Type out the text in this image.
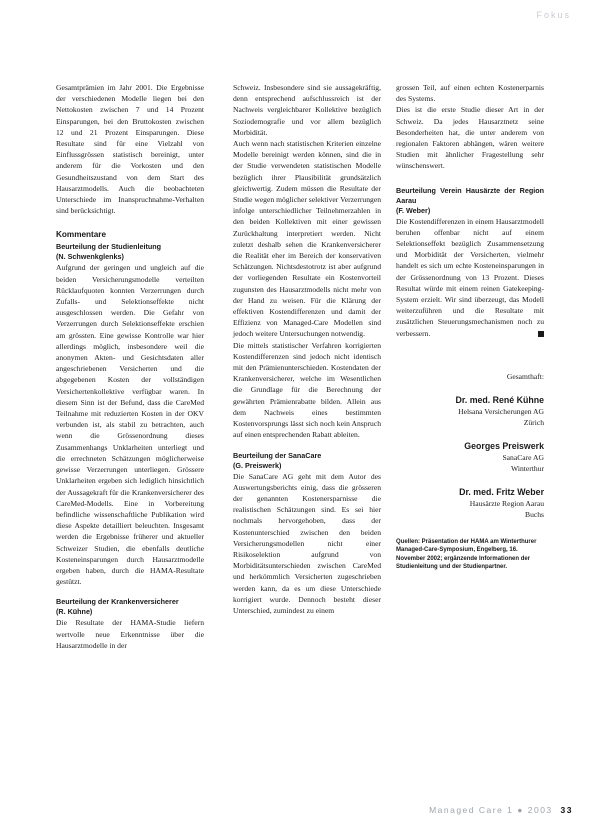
Fokus

Gesamtprämien im Jahr 2001. Die Ergebnisse der verschiedenen Modelle liegen bei den Nettokosten zwischen 7 und 14 Prozent Einsparungen, bei den Bruttokosten zwischen 12 und 21 Prozent Einsparungen. Diese Resultate sind für eine Vielzahl von Einflussgrössen statistisch bereinigt, unter anderem für die Vorkosten und den Gesundheitszustand von dem Start des Hausarztmodells. Auch die beobachteten Unterschiede im Inanspruchnahme-Verhalten sind berücksichtigt.

Kommentare
Beurteilung der Studienleitung
(N. Schwenkglenks)

Aufgrund der geringen und ungleich auf die beiden Versicherungsmodelle verteilten Rücklaufquoten konnten Verzerrungen durch Zufalls- und Selektionseffekte nicht ausgeschlossen werden. Die Gefahr von Verzerrungen durch Selektionseffekte erschien am grössten. Eine gewisse Kontrolle war hier allerdings möglich, insbesondere weil die anonymen Akten- und Gesichtsdaten aller angeschriebenen Versicherten und die abgegebenen Kosten der vollständigen Versichertenkollektive verfügbar waren. In diesem Sinn ist der Befund, dass die CareMed Teilnahme mit reduzierten Kosten in der OKV verbunden ist, als stabil zu betrachten, auch wenn die Grössenordnung dieses Zusammenhangs Unklarheiten unterliegt und die errechneten Schätzungen möglicherweise gewisse Verzerrungen unterliegen. Grössere Unklarheiten ergeben sich lediglich hinsichtlich der Aussagekraft für die Krankenversicherer des CareMed-Modells. Eine in Vorbereitung befindliche wissenschaftliche Publikation wird diese Aspekte detailliert beleuchten. Insgesamt werden die Ergebnisse früherer und aktueller Schweizer Studien, die ebenfalls deutliche Kosteneinsparungen durch Hausarztmodelle ergeben haben, durch die HAMA-Resultate gestützt.

Beurteilung der Krankenversicherer
(R. Kühne)

Die Resultate der HAMA-Studie liefern wertvolle neue Erkenntnisse über die Hausarztmodelle in der

Schweiz. Insbesondere sind sie aussagekräftig, denn entsprechend aufschlussreich ist der Nachweis vergleichbarer Kollektive bezüglich Soziodemografie und vor allem bezüglich Morbidität.

Auch wenn nach statistischen Kriterien einzelne Modelle bereinigt werden können, sind die in der Studie verwendeten statistischen Modelle bezüglich ihrer Plausibilität grundsätzlich gleichwertig. Zudem müssen die Resultate der Studie wegen möglicher selektiver Verzerrungen infolge unterschiedlicher Teilnehmerzahlen in den beiden Kollektiven mit einer gewissen Zurückhaltung interpretiert werden. Nicht zuletzt deshalb sehen die Krankenversicherer die Realität eher im Bereich der konservativen Schätzungen. Nichtsdestotrotz ist aber aufgrund der vorliegenden Resultate ein Kostenvorteil zugunsten des Hausarztmodells nicht mehr von der Hand zu weisen. Für die Klärung der effektiven Kostendifferenzen und damit der Effizienz von Managed-Care Modellen sind jedoch weitere Untersuchungen notwendig.

Die mittels statistischer Verfahren korrigierten Kostendifferenzen sind jedoch nicht identisch mit den Prämienunterschieden. Kostendaten der Krankenversicherer, welche im Wesentlichen die Grundlage für die Berechnung der gewährten Prämienrabatte bilden. Allein aus dem Nachweis eines bestimmten Kostenvorsprungs lässt sich noch kein Anspruch auf einen entsprechenden Rabatt ableiten.

Beurteilung der SanaCare
(G. Preiswerk)

Die SanaCare AG geht mit dem Autor des Auswertungsberichts einig, dass die grösseren der genannten Kostenersparnisse die realistischen Schätzungen sind. Es sei hier nochmals hervorgehoben, dass der Kostenunterschied zwischen den beiden Versicherungsmodellen nicht einer Risikoselektion aufgrund von Morbiditätsunterschieden zwischen CareMed und herkömmlich Versicherten zugeschrieben werden kann, da es um diese Unterschiede korrigiert wurde. Dennoch besteht dieser Unterschied, zumindest zu einem

grossen Teil, auf einen echten Kostenerparnis des Systems.

Dies ist die erste Studie dieser Art in der Schweiz. Da jedes Hausarztnetz seine Besonderheiten hat, die unter anderem von regionalen Faktoren abhängen, wären weitere Studien mit ähnlicher Fragestellung sehr wünschenswert.

Beurteilung Verein Hausärzte der Region Aarau
(F. Weber)

Die Kostendifferenzen in einem Hausarztmodell beruhen offenbar nicht auf einem Selektionseffekt bezüglich Zusammensetzung und Morbidität der Versicherten, vielmehr handelt es sich um echte Kosteneinsparungen in der Grössenordnung von 13 Prozent. Dieses Resultat würde mit einem reinen Gatekeeping-System erzielt. Wir sind überzeugt, das Modell weiterzuführen und die Resultate mit zusätzlichen Steuerungsmechanismen noch zu verbessern.

Gesamthaft:
Dr. med. René Kühne
Helsana Versicherungen AG
Zürich
Georges Preiswerk
SanaCare AG
Winterthur
Dr. med. Fritz Weber
Hausärzte Region Aarau
Buchs
Quellen: Präsentation der HAMA am Winterthurer Managed-Care-Symposium, Engelberg, 16. November 2002; ergänzende Informationen der Studienleitung und der Studienpartner.
Managed Care 1 ● 2003 33
